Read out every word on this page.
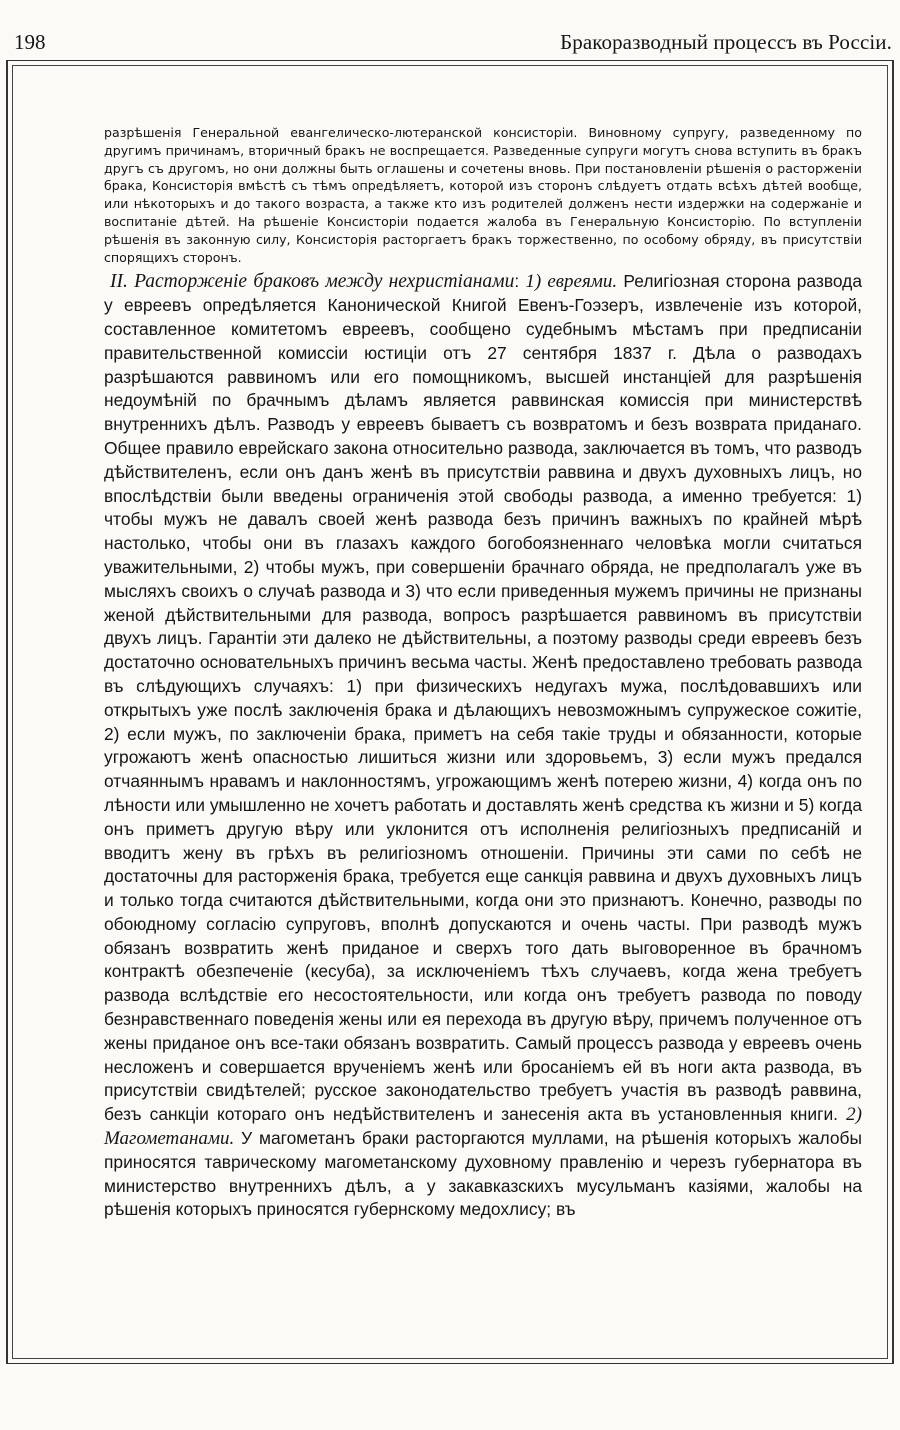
198	Бракоразводный процессъ въ Россіи.

разрѣшенія Генеральной евангелическо-лютеранской консисторіи. Виновному супругу, разведенному по другимъ причинамъ, вторичный бракъ не воспрещается. Разведенные супруги могутъ снова вступить въ бракъ другъ съ другомъ, но они должны быть оглашены и сочетены вновь. При постановленіи рѣшенія о расторженіи брака, Консисторія вмѣстѣ съ тѣмъ опредѣляетъ, которой изъ сторонъ слѣдуетъ отдать всѣхъ дѣтей вообще, или нѣкоторыхъ и до такого возраста, а также кто изъ родителей долженъ нести издержки на содержаніе и воспитаніе дѣтей. На рѣшеніе Консисторіи подается жалоба въ Генеральную Консисторію. По вступленіи рѣшенія въ законную силу, Консисторія расторгаетъ бракъ торжественно, по особому обряду, въ присутствіи спорящихъ сторонъ.

II. Расторженіе браковъ между нехристіанами: 1) евреями. Религіозная сторона развода у евреевъ опредѣляется Канонической Книгой Евенъ-Гоэзеръ, извлеченіе изъ которой, составленное комитетомъ евреевъ, сообщено судебнымъ мѣстамъ при предписаніи правительственной комиссіи юстиціи отъ 27 сентября 1837 г. Дѣла о разводахъ разрѣшаются раввиномъ или его помощникомъ, высшей инстанціей для разрѣшенія недоумѣній по брачнымъ дѣламъ является раввинская комиссія при министерствѣ внутреннихъ дѣлъ. Разводъ у евреевъ бываетъ съ возвратомъ и безъ возврата приданаго. Общее правило еврейскаго закона относительно развода, заключается въ томъ, что разводъ дѣйствителенъ, если онъ данъ женѣ въ присутствіи раввина и двухъ духовныхъ лицъ, но впослѣдствіи были введены ограниченія этой свободы развода, а именно требуется: 1) чтобы мужъ не давалъ своей женѣ развода безъ причинъ важныхъ по крайней мѣрѣ настолько, чтобы они въ глазахъ каждого богобоязненнаго человѣка могли считаться уважительными, 2) чтобы мужъ, при совершеніи брачнаго обряда, не предполагалъ уже въ мысляхъ своихъ о случаѣ развода и 3) что если приведенныя мужемъ причины не признаны женой дѣйствительными для развода, вопросъ разрѣшается раввиномъ въ присутствіи двухъ лицъ. Гарантіи эти далеко не дѣйствительны, а поэтому разводы среди евреевъ безъ достаточно основательныхъ причинъ весьма часты. Женѣ предоставлено требовать развода въ слѣдующихъ случаяхъ: 1) при физическихъ недугахъ мужа, послѣдовавшихъ или открытыхъ уже послѣ заключенія брака и дѣлающихъ невозможнымъ супружеское сожитіе, 2) если мужъ, по заключеніи брака, приметъ на себя такіе труды и обязанности, которые угрожаютъ женѣ опасностью лишиться жизни или здоровьемъ, 3) если мужъ предался отчаяннымъ нравамъ и наклонностямъ, угрожающимъ женѣ потерею жизни, 4) когда онъ по лѣности или умышленно не хочетъ работать и доставлять женѣ средства къ жизни и 5) когда онъ приметъ другую вѣру или уклонится отъ исполненія религіозныхъ предписаній и вводитъ жену въ грѣхъ въ религіозномъ отношеніи. Причины эти сами по себѣ не достаточны для расторженія брака, требуется еще санкція раввина и двухъ духовныхъ лицъ и только тогда считаются дѣйствительными, когда они это признаютъ. Конечно, разводы по обоюдному согласію супруговъ, вполнѣ допускаются и очень часты. При разводѣ мужъ обязанъ возвратить женѣ приданое и сверхъ того дать выговоренное въ брачномъ контрактѣ обезпеченіе (кесуба), за исключеніемъ тѣхъ случаевъ, когда жена требуетъ развода вслѣдствіе его несостоятельности, или когда онъ требуетъ развода по поводу безнравственнаго поведенія жены или ея перехода въ другую вѣру, причемъ полученное отъ жены приданое онъ все-таки обязанъ возвратить. Самый процессъ развода у евреевъ очень несложенъ и совершается врученіемъ женѣ или бросаніемъ ей въ ноги акта развода, въ присутствіи свидѣтелей; русское законодательство требуетъ участія въ разводѣ раввина, безъ санкціи котораго онъ недѣйствителенъ и занесенія акта въ установленныя книги. 2) Магометанами. У магометанъ браки расторгаются муллами, на рѣшенія которыхъ жалобы приносятся таврическому магометанскому духовному правленію и черезъ губернатора въ министерство внутреннихъ дѣлъ, а у закавказскихъ мусульманъ казіями, жалобы на рѣшенія которыхъ приносятся губернскому медохлису; въ
